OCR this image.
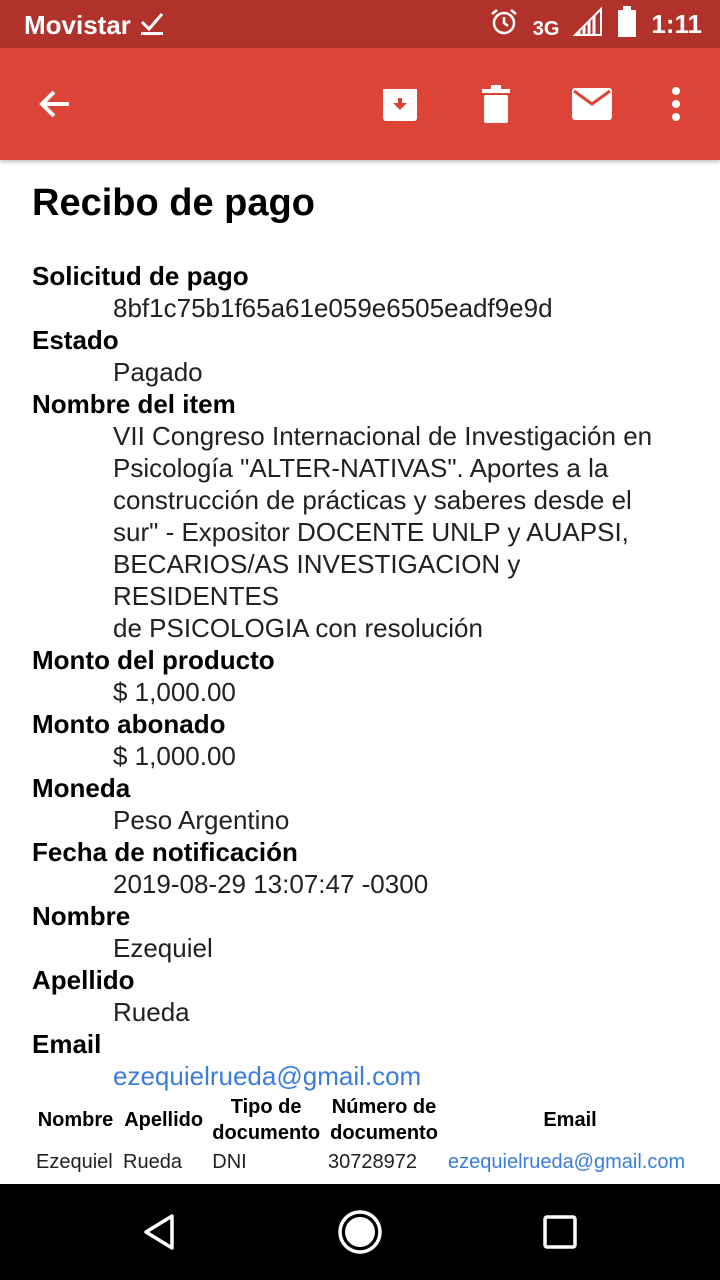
Movistar	3G	1:11
Recibo de pago
Solicitud de pago
8bf1c75b1f65a61e059e6505eadf9e9d
Estado
Pagado
Nombre del item
VII Congreso Internacional de Investigación en
Psicología "ALTER-NATIVAS". Aportes a la
construcción de prácticas y saberes desde el
sur" - Expositor DOCENTE UNLP y AUAPSI,
BECARIOS/AS INVESTIGACION y RESIDENTES
de PSICOLOGIA con resolución
Monto del producto
$ 1,000.00
Monto abonado
$ 1,000.00
Moneda
Peso Argentino
Fecha de notificación
2019-08-29 13:07:47 -0300
Nombre
Ezequiel
Apellido
Rueda
Email
ezequielrueda@gmail.com
Nombre	Apellido	Tipo de documento	Número de documento	Email
Ezequiel	Rueda	DNI	30728972	ezequielrueda@gmail.com
